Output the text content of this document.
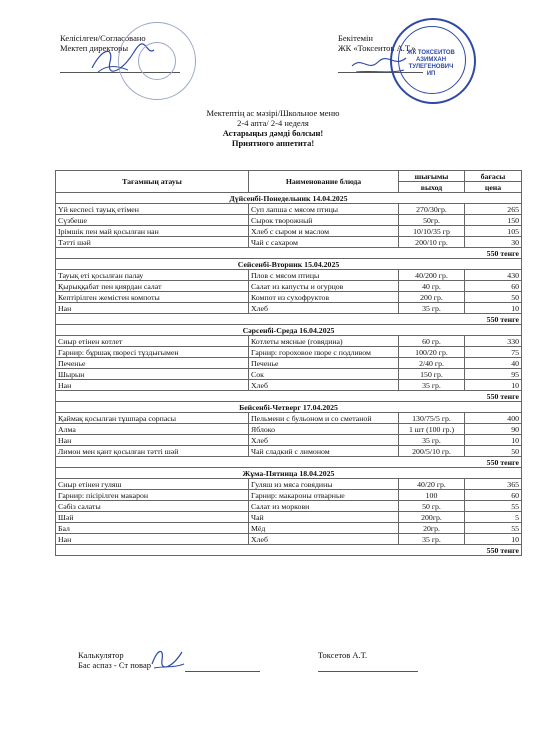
Келісілген/Согласовано
Мектеп директоры
Бекітемін
ЖК «Токсеитов А.Т.»
ЖК ТОКСЕИТОВ АЗИМХАН ТУЛЕГЕНОВИЧ ИП
Мектептің ас мәзірі/Школьное меню
2-4 апта/ 2-4 неделя
Астарыңыз дәмді болсын!
Приятного аппетита!
Тағамның атауы	Наименование блюда	шығымы	бағасы
		выход	цена
Дүйсенбі-Понедельник 14.04.2025			
Үй кеспесі тауық етімен	Суп лапша с мясом птицы	270/30гр.	265
Сүзбеше	Сырок творожный	50гр.	150
Ірімшік пен май қосылған нан	Хлеб с сыром и маслом	10/10/35 гр	105
Тәтті шәй	Чай с сахаром	200/10 гр.	30
550 тенге			
Сейсенбі-Вторник 15.04.2025			
Тауық еті қосылған палау	Плов с мясом птицы	40/200 гр.	430
Қырыққабат пен қиярдан салат	Салат из капусты и огурцов	40 гр.	60
Кептірілген жемістен компоты	Компот из сухофруктов	200 гр.	50
Нан	Хлеб	35 гр.	10
550 тенге			
Сәрсенбі-Среда 16.04.2025			
Сиыр етінен котлет	Котлеты мясные (говядина)	60 гр.	330
Гарнир: бұршақ пюресі тұздығымен	Гарнир: гороховое пюре с подливом	100/20 гр.	75
Печенье	Печенье	2/40 гр.	40
Шырын	Сок	150 гр.	95
Нан	Хлеб	35 гр.	10
550 тенге			
Бейсенбі-Четверг 17.04.2025			
Қаймақ қосылған тұшпара сорпасы	Пельмени с бульоном и со сметаной	130/75/5 гр.	400
Алма	Яблоко	1 шт (100 гр.)	90
Нан	Хлеб	35 гр.	10
Лимон мен қант қосылған тәтті шәй	Чай сладкий с лимоном	200/5/10 гр.	50
550 тенге			
Жұма-Пятница 18.04.2025			
Сиыр етінен гуляш	Гуляш из мяса говядины	40/20 гр.	365
Гарнир: пісірілген макарон	Гарнир: макароны отварные	100	60
Сәбіз салаты	Салат из моркови	50 гр.	55
Шәй	Чай	200гр.	5
Бал	Мёд	20гр.	55
Нан	Хлеб	35 гр.	10
550 тенге			
Калькулятор
Бас аспаз - Ст повар
Токсетов А.Т.
